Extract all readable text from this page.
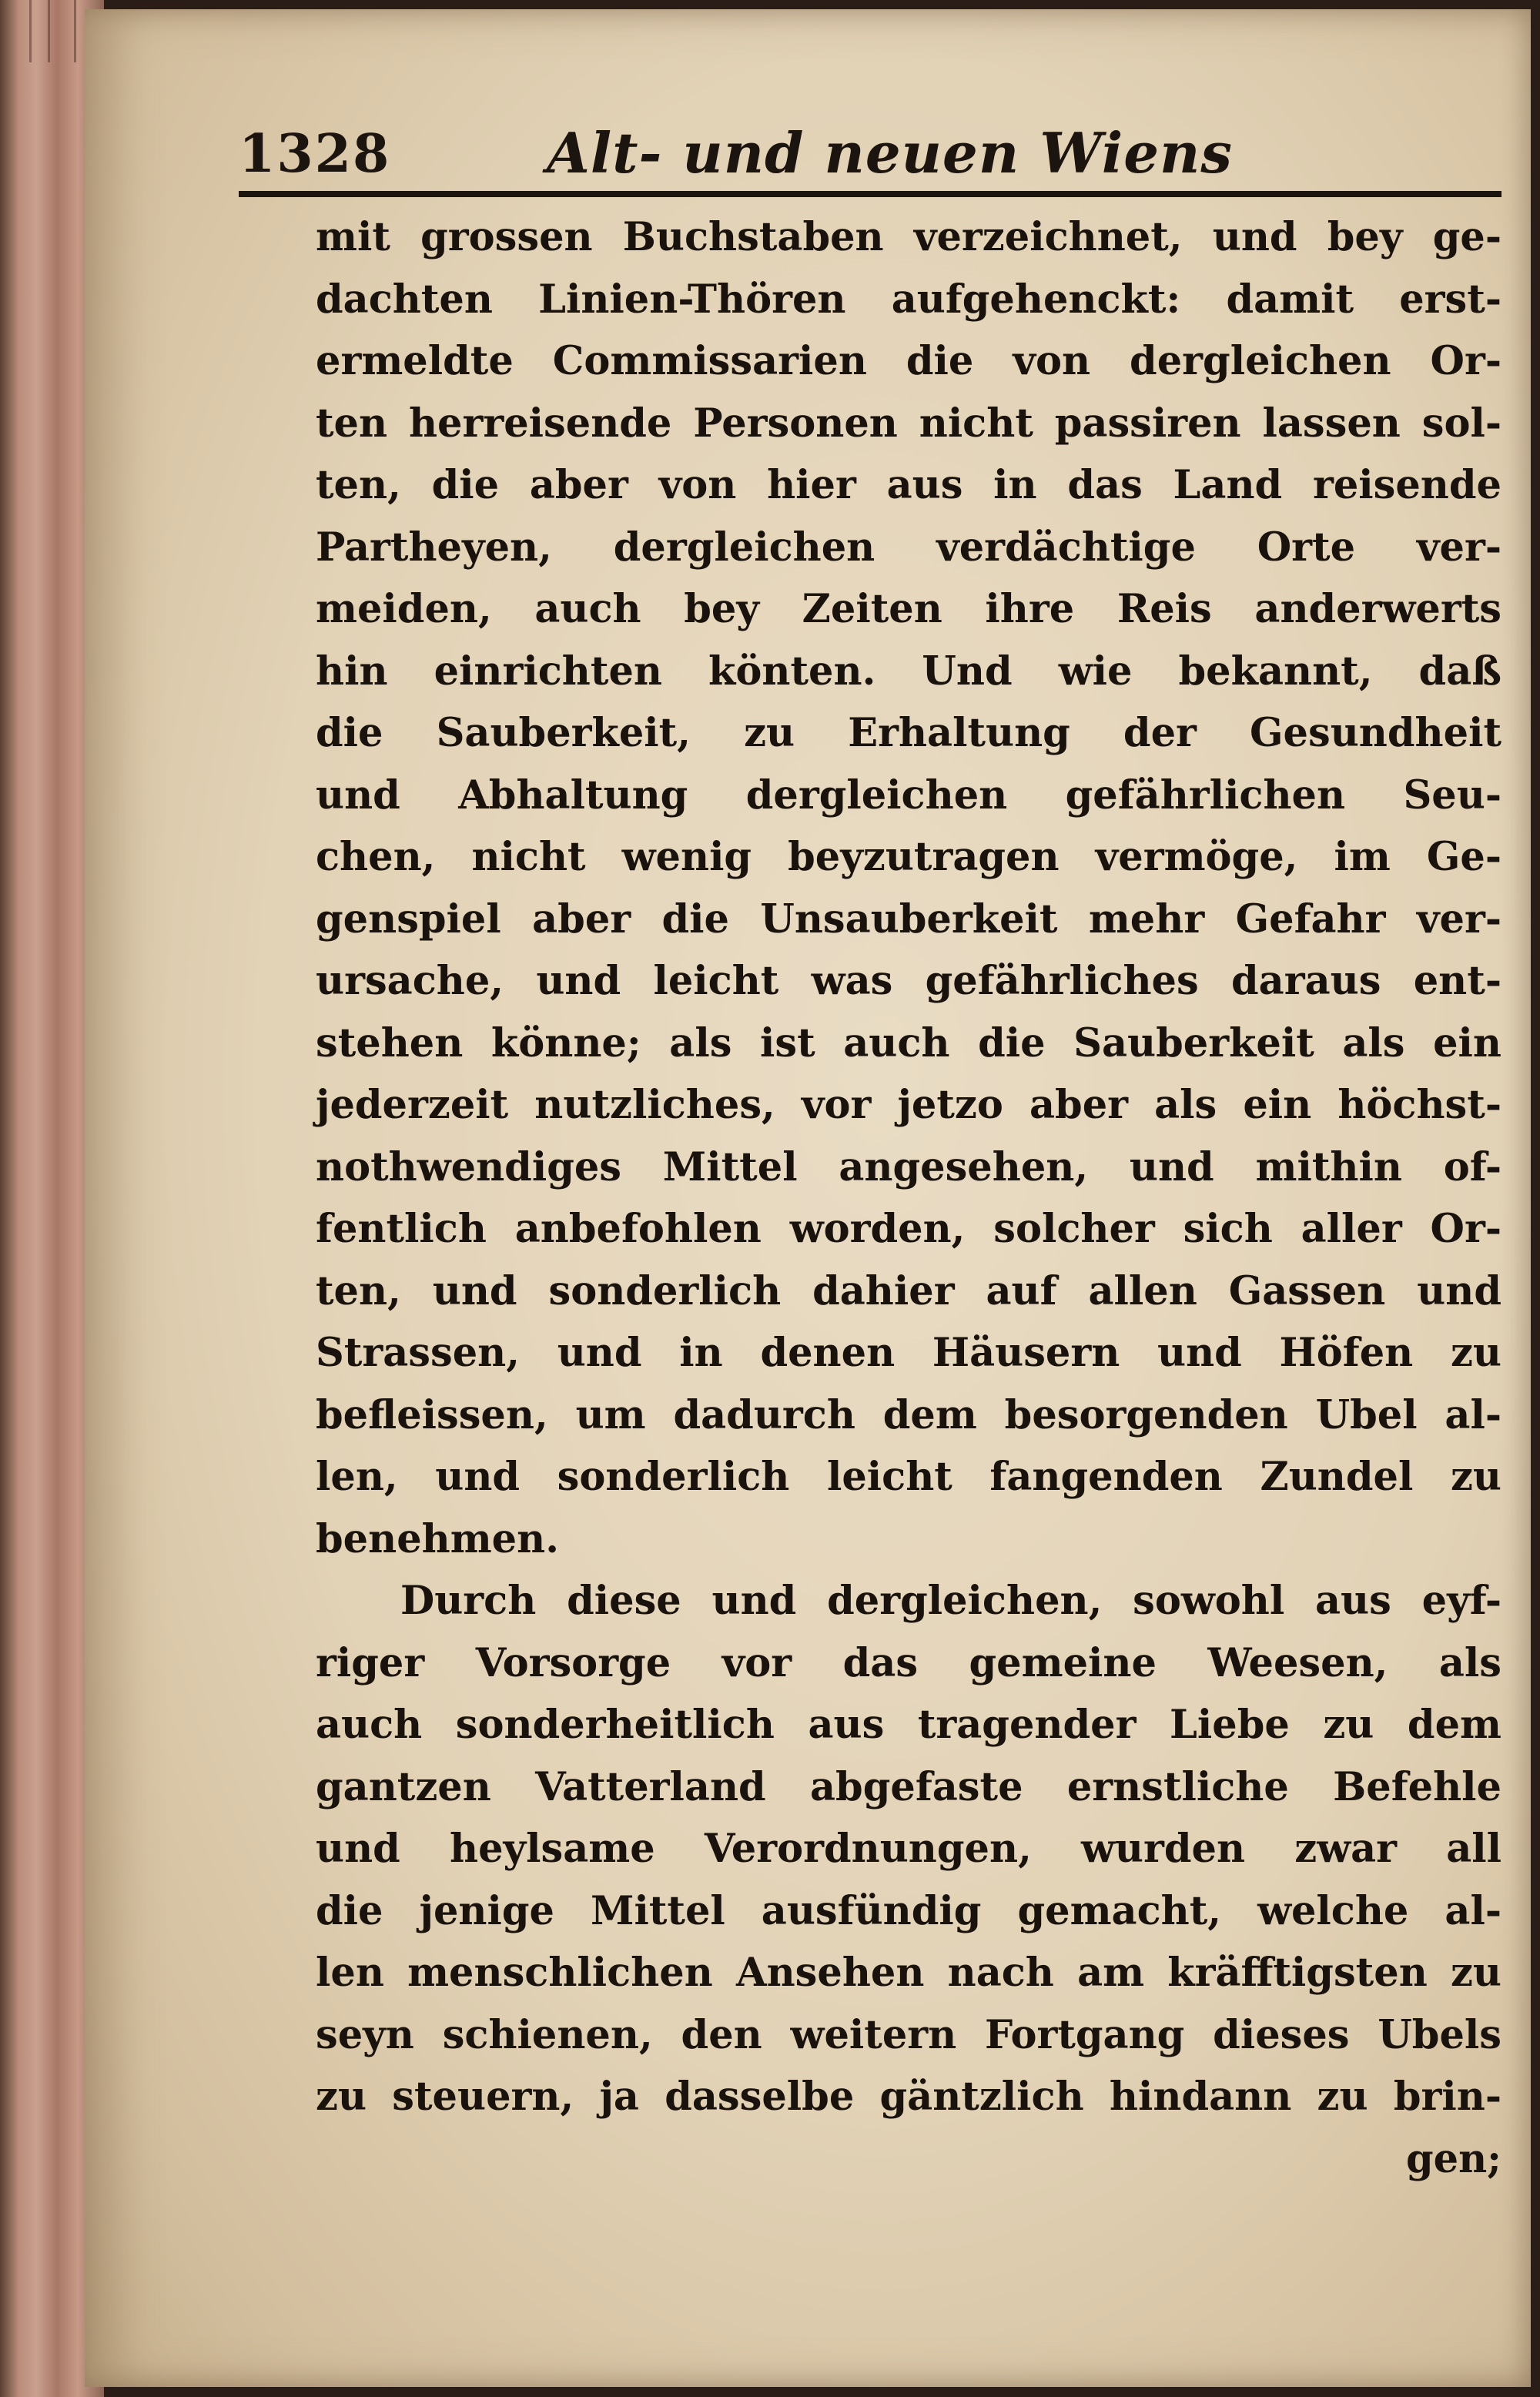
1328	Alt- und neuen Wiens
mit grossen Buchstaben verzeichnet, und bey ge-
dachten Linien-Thören aufgehenckt: damit erst-
ermeldte Commissarien die von dergleichen Or-
ten herreisende Personen nicht passiren lassen sol-
ten, die aber von hier aus in das Land reisende
Partheyen, dergleichen verdächtige Orte ver-
meiden, auch bey Zeiten ihre Reis anderwerts
hin einrichten könten. Und wie bekannt, daß
die Sauberkeit, zu Erhaltung der Gesundheit
und Abhaltung dergleichen gefährlichen Seu-
chen, nicht wenig beyzutragen vermöge, im Ge-
genspiel aber die Unsauberkeit mehr Gefahr ver-
ursache, und leicht was gefährliches daraus ent-
stehen könne; als ist auch die Sauberkeit als ein
jederzeit nutzliches, vor jetzo aber als ein höchst-
nothwendiges Mittel angesehen, und mithin of-
fentlich anbefohlen worden, solcher sich aller Or-
ten, und sonderlich dahier auf allen Gassen und
Strassen, und in denen Häusern und Höfen zu
befleissen, um dadurch dem besorgenden Ubel al-
len, und sonderlich leicht fangenden Zundel zu
benehmen.
Durch diese und dergleichen, sowohl aus eyf-
riger Vorsorge vor das gemeine Weesen, als
auch sonderheitlich aus tragender Liebe zu dem
gantzen Vatterland abgefaste ernstliche Befehle
und heylsame Verordnungen, wurden zwar all
die jenige Mittel ausfündig gemacht, welche al-
len menschlichen Ansehen nach am kräfftigsten zu
seyn schienen, den weitern Fortgang dieses Ubels
zu steuern, ja dasselbe gäntzlich hindann zu brin-
gen;
